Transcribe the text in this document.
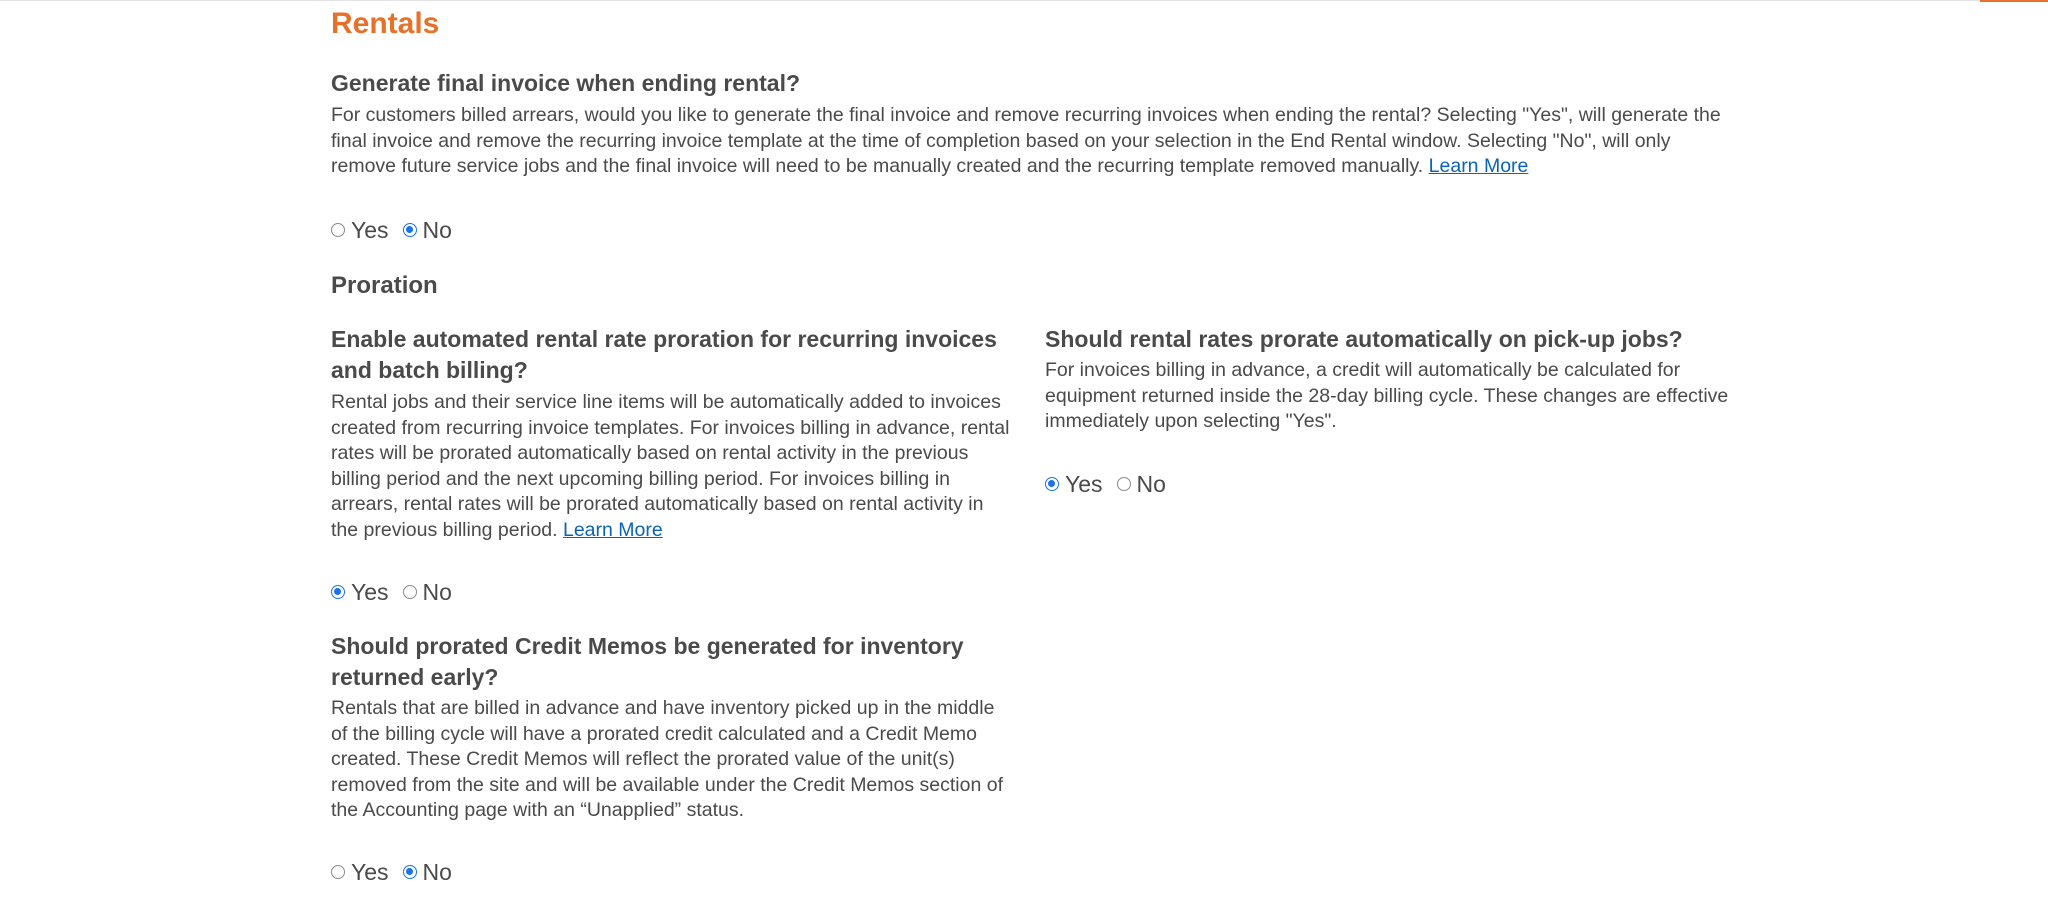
Rentals
Generate final invoice when ending rental?

For customers billed arrears, would you like to generate the final invoice and remove recurring invoices when ending the rental? Selecting "Yes", will generate the final invoice and remove the recurring invoice template at the time of completion based on your selection in the End Rental window. Selecting "No", will only remove future service jobs and the final invoice will need to be manually created and the recurring template removed manually. Learn More

Yes No
Proration
Enable automated rental rate proration for recurring invoices and batch billing?

Rental jobs and their service line items will be automatically added to invoices created from recurring invoice templates. For invoices billing in advance, rental rates will be prorated automatically based on rental activity in the previous billing period and the next upcoming billing period. For invoices billing in arrears, rental rates will be prorated automatically based on rental activity in the previous billing period. Learn More

Yes No
Should rental rates prorate automatically on pick-up jobs?

For invoices billing in advance, a credit will automatically be calculated for equipment returned inside the 28-day billing cycle. These changes are effective immediately upon selecting "Yes".

Yes No
Should prorated Credit Memos be generated for inventory returned early?

Rentals that are billed in advance and have inventory picked up in the middle of the billing cycle will have a prorated credit calculated and a Credit Memo created. These Credit Memos will reflect the prorated value of the unit(s) removed from the site and will be available under the Credit Memos section of the Accounting page with an “Unapplied” status.

Yes No
